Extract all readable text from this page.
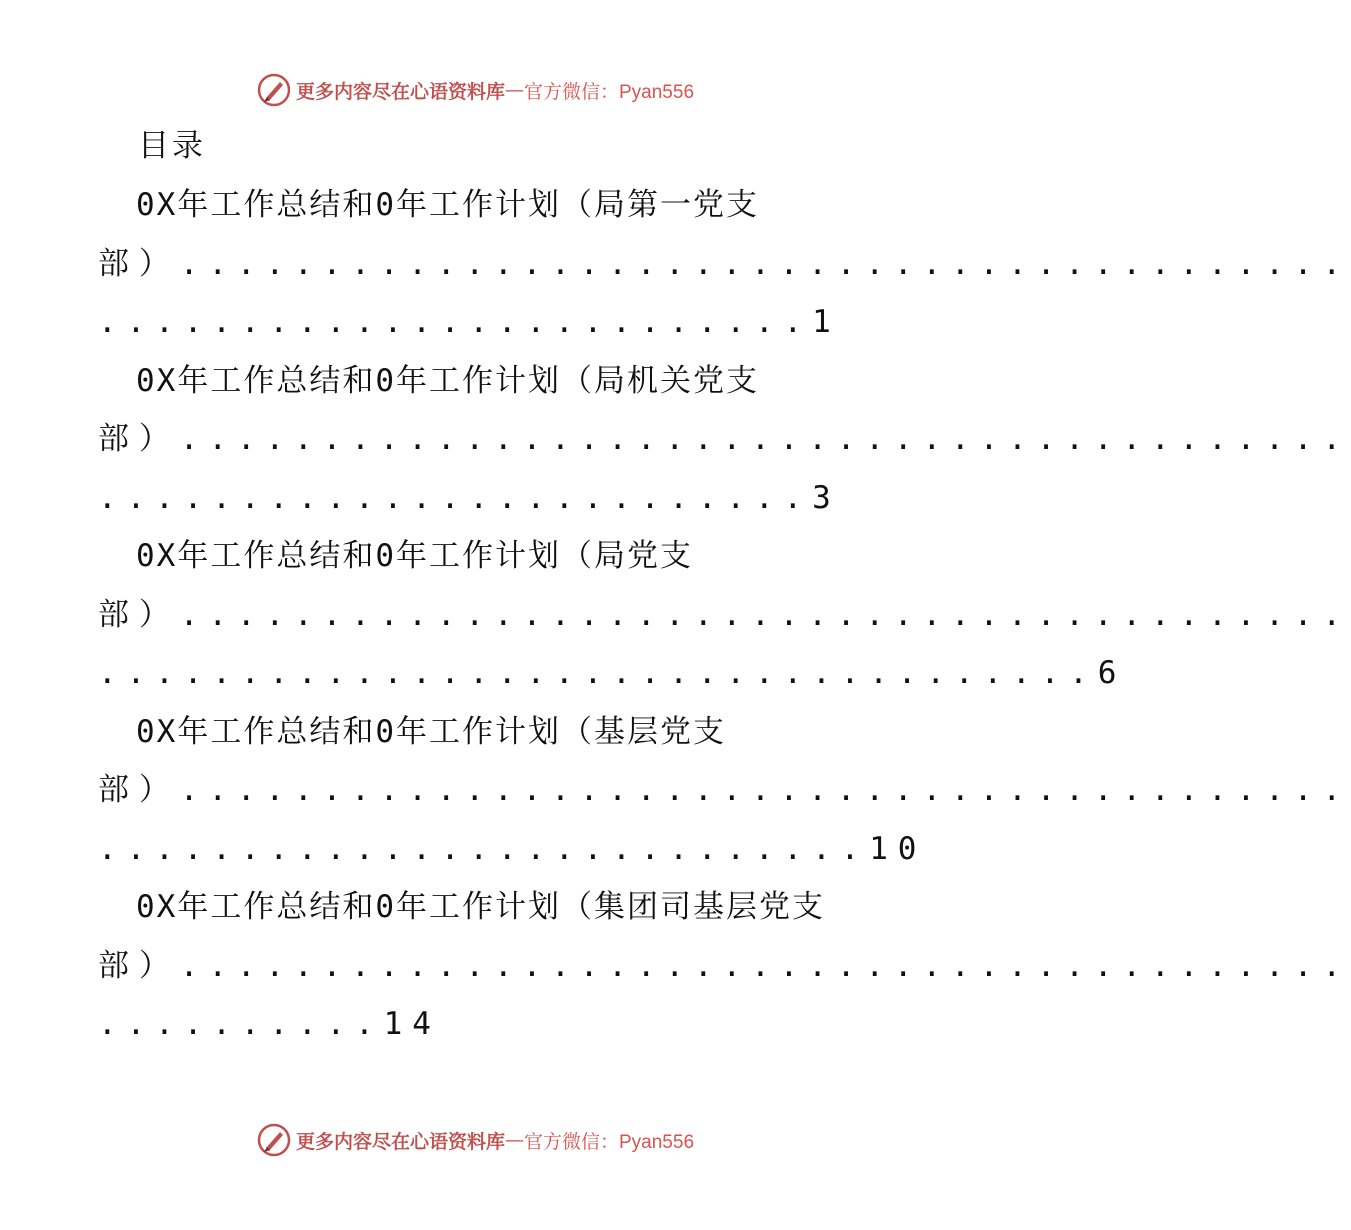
更多内容尽在心语资料库 — 官方微信：Pyan556
目录
0X年工作总结和0年工作计划（局第一党支
部）.........................................
.........................1
0X年工作总结和0年工作计划（局机关党支
部）.........................................
.........................3
0X年工作总结和0年工作计划（局党支
部）.........................................
...................................6
0X年工作总结和0年工作计划（基层党支
部）.........................................
...........................10
0X年工作总结和0年工作计划（集团司基层党支
部）.........................................
..........14
更多内容尽在心语资料库 — 官方微信：Pyan556
